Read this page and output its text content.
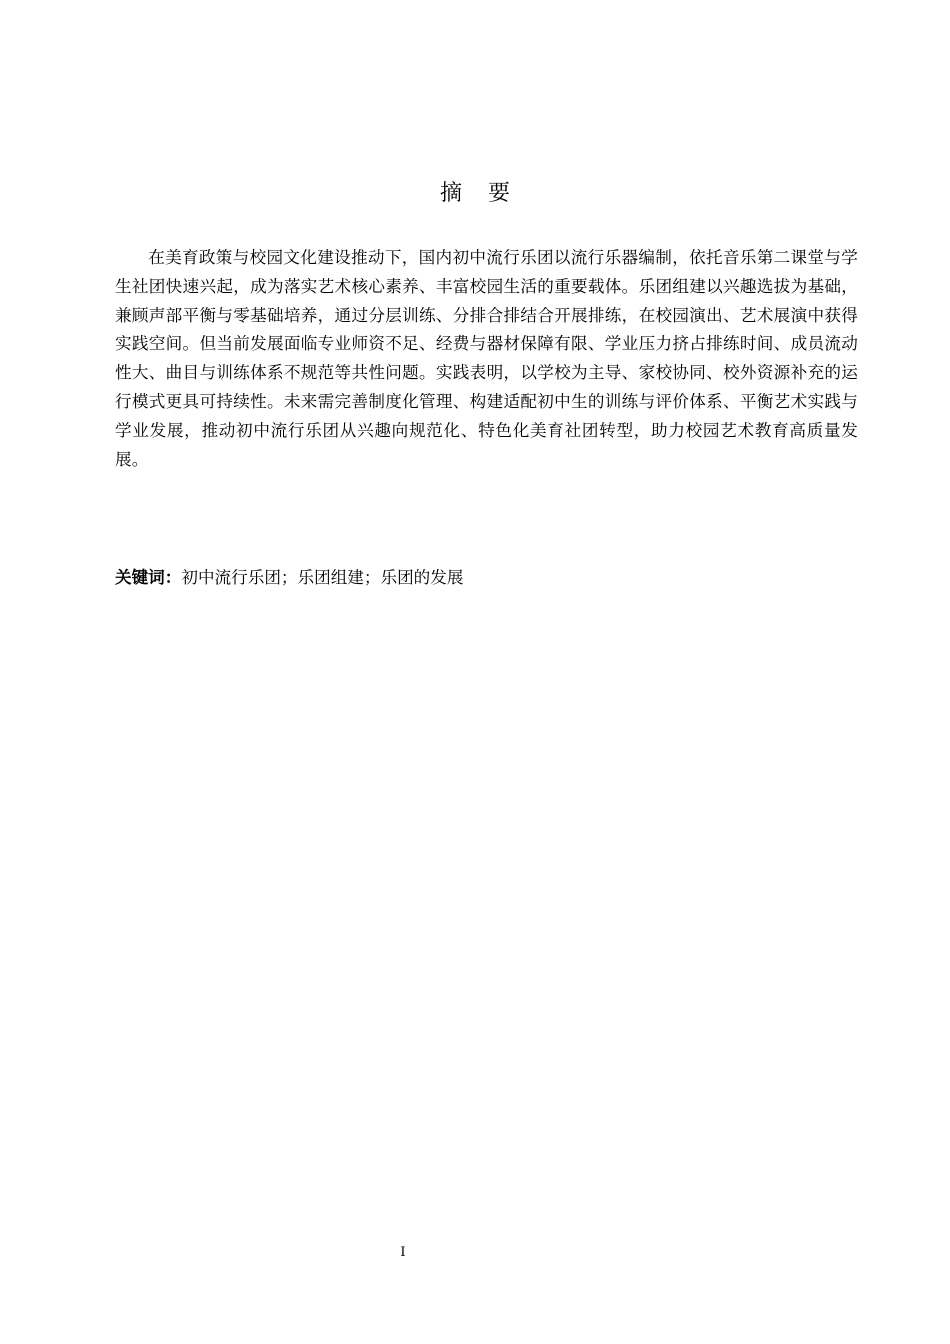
摘 要

在美育政策与校园文化建设推动下，国内初中流行乐团以流行乐器编制，依托音乐第二课堂与学生社团快速兴起，成为落实艺术核心素养、丰富校园生活的重要载体。乐团组建以兴趣选拔为基础，兼顾声部平衡与零基础培养，通过分层训练、分排合排结合开展排练，在校园演出、艺术展演中获得实践空间。但当前发展面临专业师资不足、经费与器材保障有限、学业压力挤占排练时间、成员流动性大、曲目与训练体系不规范等共性问题。实践表明，以学校为主导、家校协同、校外资源补充的运行模式更具可持续性。未来需完善制度化管理、构建适配初中生的训练与评价体系、平衡艺术实践与学业发展，推动初中流行乐团从兴趣向规范化、特色化美育社团转型，助力校园艺术教育高质量发展。

关键词：初中流行乐团；乐团组建；乐团的发展
I
